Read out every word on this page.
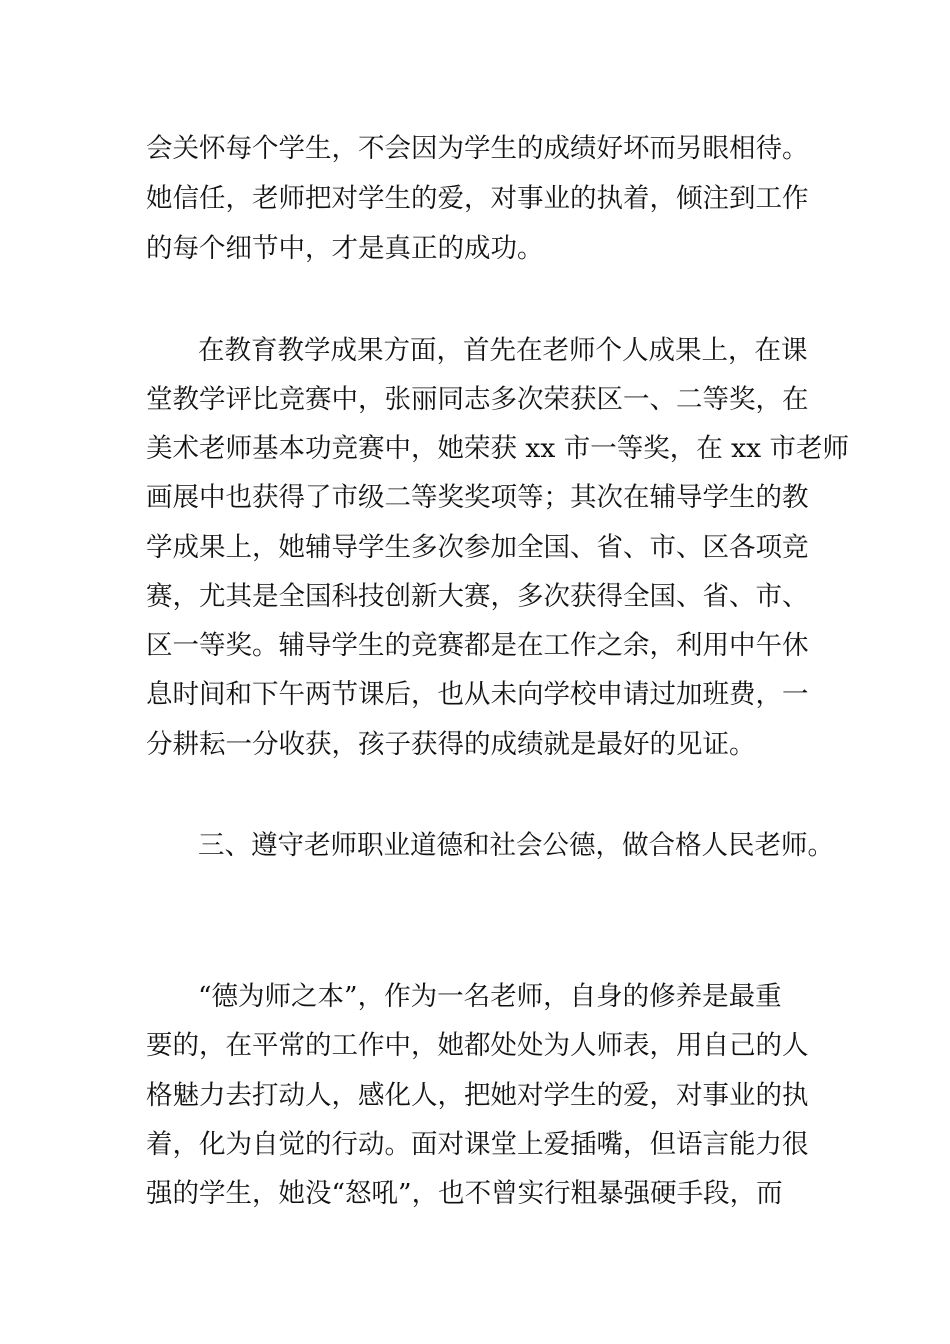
会关怀每个学生，不会因为学生的成绩好坏而另眼相待。
她信任，老师把对学生的爱，对事业的执着，倾注到工作
的每个细节中，才是真正的成功。
在教育教学成果方面，首先在老师个人成果上，在课
堂教学评比竞赛中，张丽同志多次荣获区一、二等奖，在
美术老师基本功竞赛中，她荣获 xx 市一等奖，在 xx 市老师
画展中也获得了市级二等奖奖项等；其次在辅导学生的教
学成果上，她辅导学生多次参加全国、省、市、区各项竞
赛，尤其是全国科技创新大赛，多次获得全国、省、市、
区一等奖。辅导学生的竞赛都是在工作之余，利用中午休
息时间和下午两节课后，也从未向学校申请过加班费，一
分耕耘一分收获，孩子获得的成绩就是最好的见证。
三、遵守老师职业道德和社会公德，做合格人民老师。
“德为师之本”，作为一名老师，自身的修养是最重
要的，在平常的工作中，她都处处为人师表，用自己的人
格魅力去打动人，感化人，把她对学生的爱，对事业的执
着，化为自觉的行动。面对课堂上爱插嘴，但语言能力很
强的学生，她没“怒吼”，也不曾实行粗暴强硬手段，而
